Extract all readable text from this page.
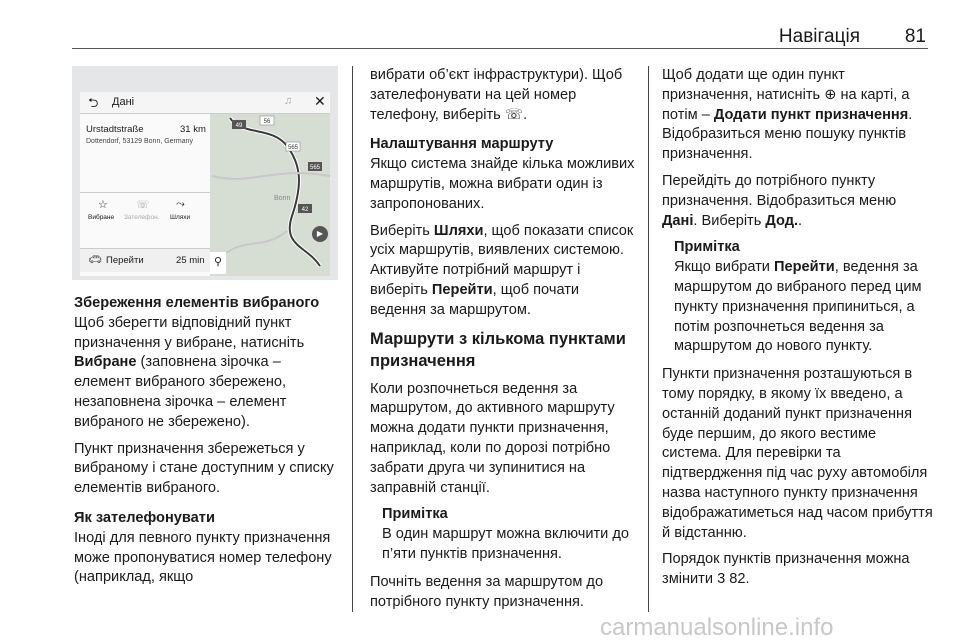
Навігація 81
49
56
565
565
42
Bonn
⮌ Дані	♫ ✕
Urstadtstraße	31 km
Dottendorf, 53129 Bonn, Germany
☆	☏ ⤳
Вибране Зателефон. Шляхи
🚗︎ Перейти	25 min ⚲
▶

Збереження елементів вибраного

Щоб зберегти відповідний пункт призначення у вибране, натисніть Вибране (заповнена зірочка – елемент вибраного збережено, незаповнена зірочка – елемент вибраного не збережено).

Пункт призначення збережеться у вибраному і стане доступним у списку елементів вибраного.

Як зателефонувати

Іноді для певного пункту призначення може пропонуватися номер телефону (наприклад, якщо

вибрати об’єкт інфраструктури). Щоб зателефонувати на цей номер телефону, виберіть ☏.

Налаштування маршруту

Якщо система знайде кілька можливих маршрутів, можна вибрати один із запропонованих.

Виберіть Шляхи, щоб показати список усіх маршрутів, виявлених системою. Активуйте потрібний маршрут і виберіть Перейти, щоб почати ведення за маршрутом.

Маршрути з кількома пунктами призначення

Коли розпочнеться ведення за маршрутом, до активного маршруту можна додати пункти призначення, наприклад, коли по дорозі потрібно забрати друга чи зупинитися на заправній станції.

Примітка
В один маршрут можна включити до п’яти пунктів призначення.

Почніть ведення за маршрутом до потрібного пункту призначення.

Щоб додати ще один пункт призначення, натисніть ⊕ на карті, а потім – Додати пункт призначення. Відобразиться меню пошуку пунктів призначення.

Перейдіть до потрібного пункту призначення. Відобразиться меню Дані. Виберіть Дод..

Примітка
Якщо вибрати Перейти, ведення за маршрутом до вибраного перед цим пункту призначення припиниться, а потім розпочнеться ведення за маршрутом до нового пункту.

Пункти призначення розташуються в тому порядку, в якому їх введено, а останній доданий пункт призначення буде першим, до якого вестиме система. Для перевірки та підтвердження під час руху автомобіля назва наступного пункту призначення відображатиметься над часом прибуття й відстанню.

Порядок пунктів призначення можна змінити 3 82.

carmanualsonline.info
